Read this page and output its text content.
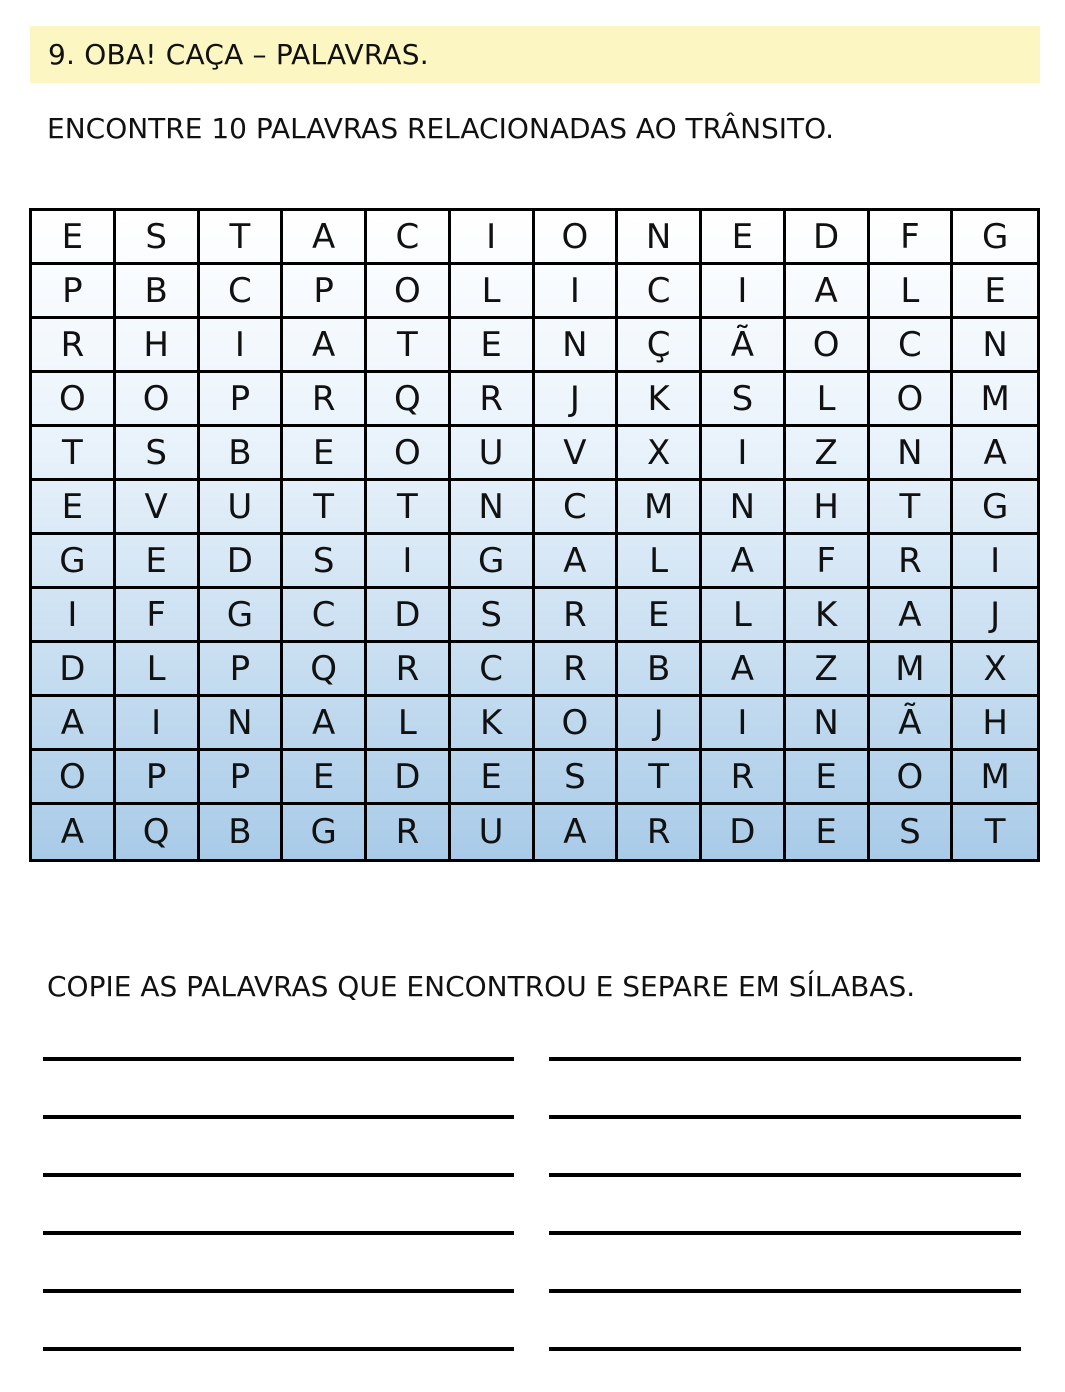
9. OBA! CAÇA – PALAVRAS.
ENCONTRE 10 PALAVRAS RELACIONADAS AO TRÂNSITO.
E	S	T	A	C	I	O	N	E	D	F	G
P	B	C	P	O	L	I	C	I	A	L	E
R	H	I	A	T	E	N	Ç	Ã	O	C	N
O	O	P	R	Q	R	J	K	S	L	O	M
T	S	B	E	O	U	V	X	I	Z	N	A
E	V	U	T	T	N	C	M	N	H	T	G
G	E	D	S	I	G	A	L	A	F	R	I
I	F	G	C	D	S	R	E	L	K	A	J
D	L	P	Q	R	C	R	B	A	Z	M	X
A	I	N	A	L	K	O	J	I	N	Ã	H
O	P	P	E	D	E	S	T	R	E	O	M
A	Q	B	G	R	U	A	R	D	E	S	T
COPIE AS PALAVRAS QUE ENCONTROU E SEPARE EM SÍLABAS.
